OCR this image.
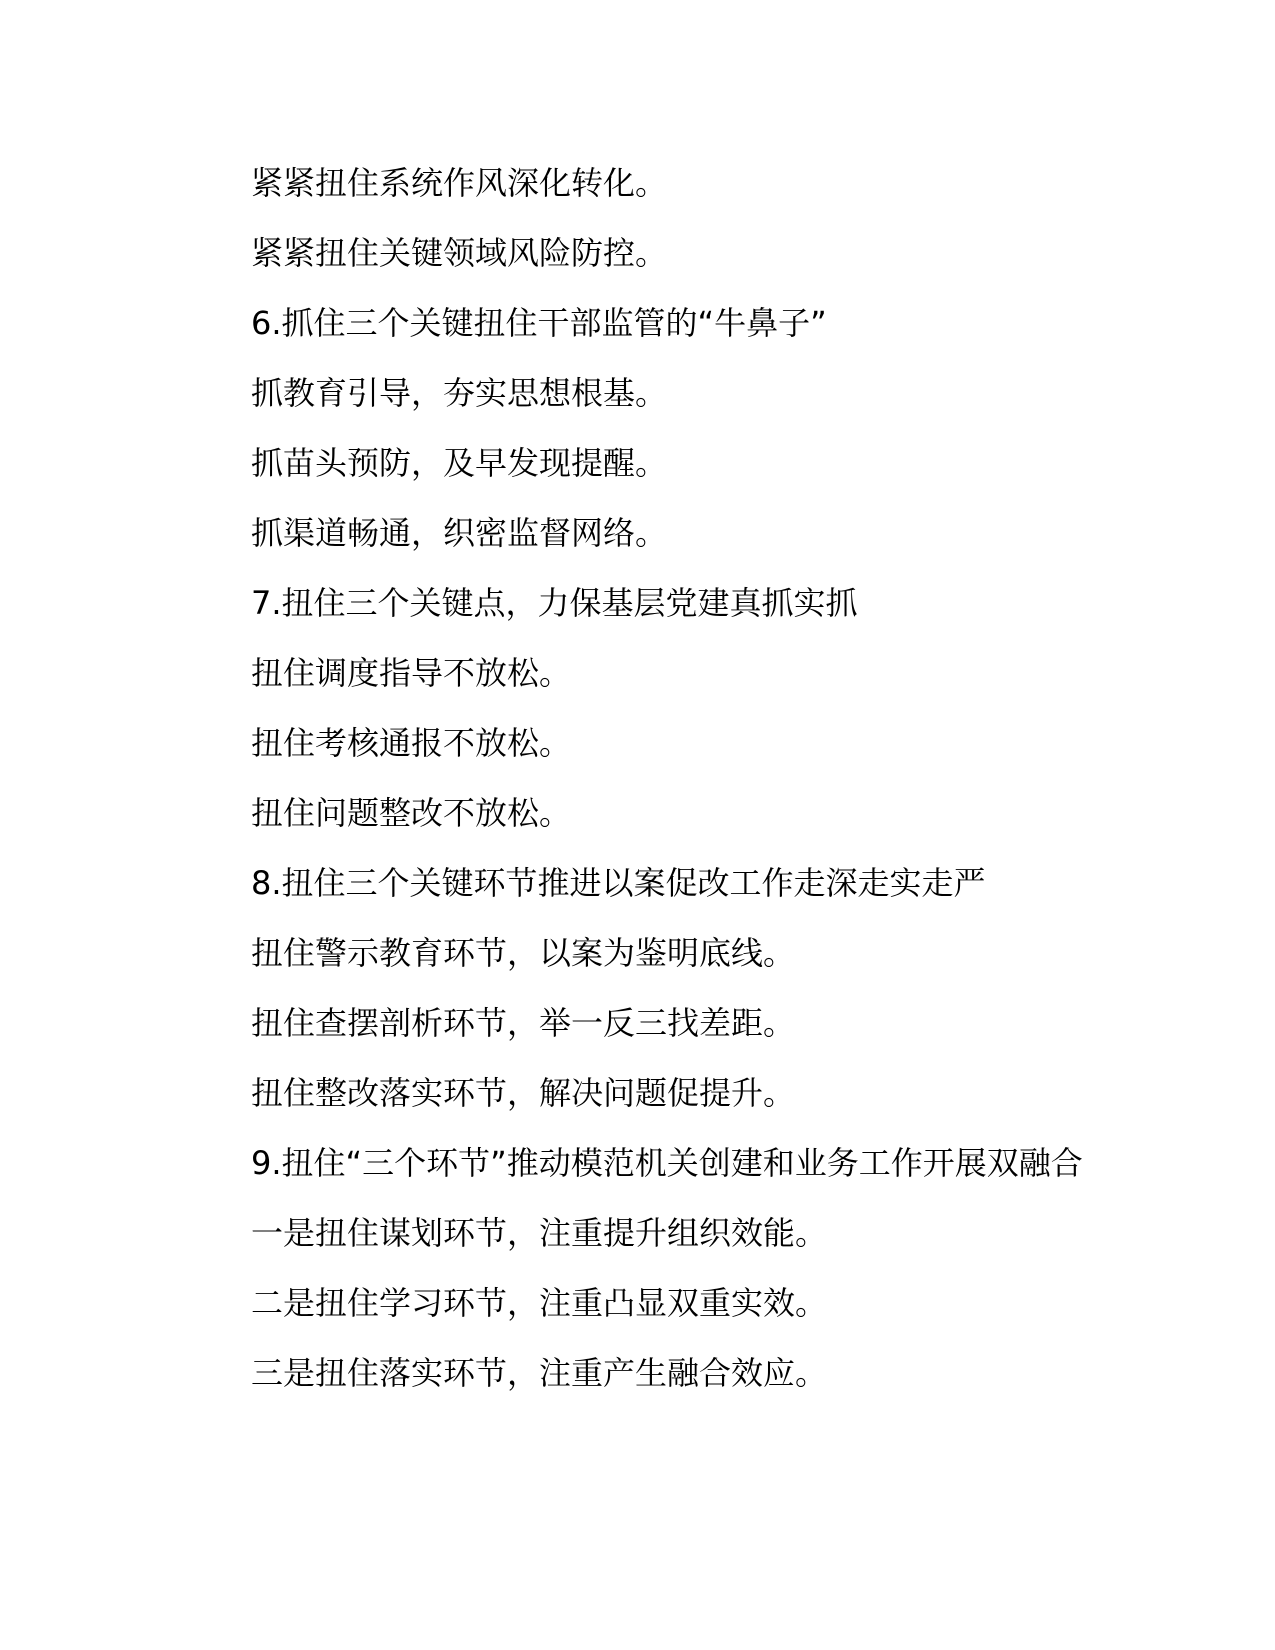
紧紧扭住系统作风深化转化。

紧紧扭住关键领域风险防控。

6.抓住三个关键扭住干部监管的“牛鼻子”

抓教育引导，夯实思想根基。

抓苗头预防，及早发现提醒。

抓渠道畅通，织密监督网络。

7.扭住三个关键点，力保基层党建真抓实抓

扭住调度指导不放松。

扭住考核通报不放松。

扭住问题整改不放松。

8.扭住三个关键环节推进以案促改工作走深走实走严

扭住警示教育环节，以案为鉴明底线。

扭住查摆剖析环节，举一反三找差距。

扭住整改落实环节，解决问题促提升。

9.扭住“三个环节”推动模范机关创建和业务工作开展双融合

一是扭住谋划环节，注重提升组织效能。

二是扭住学习环节，注重凸显双重实效。

三是扭住落实环节，注重产生融合效应。
